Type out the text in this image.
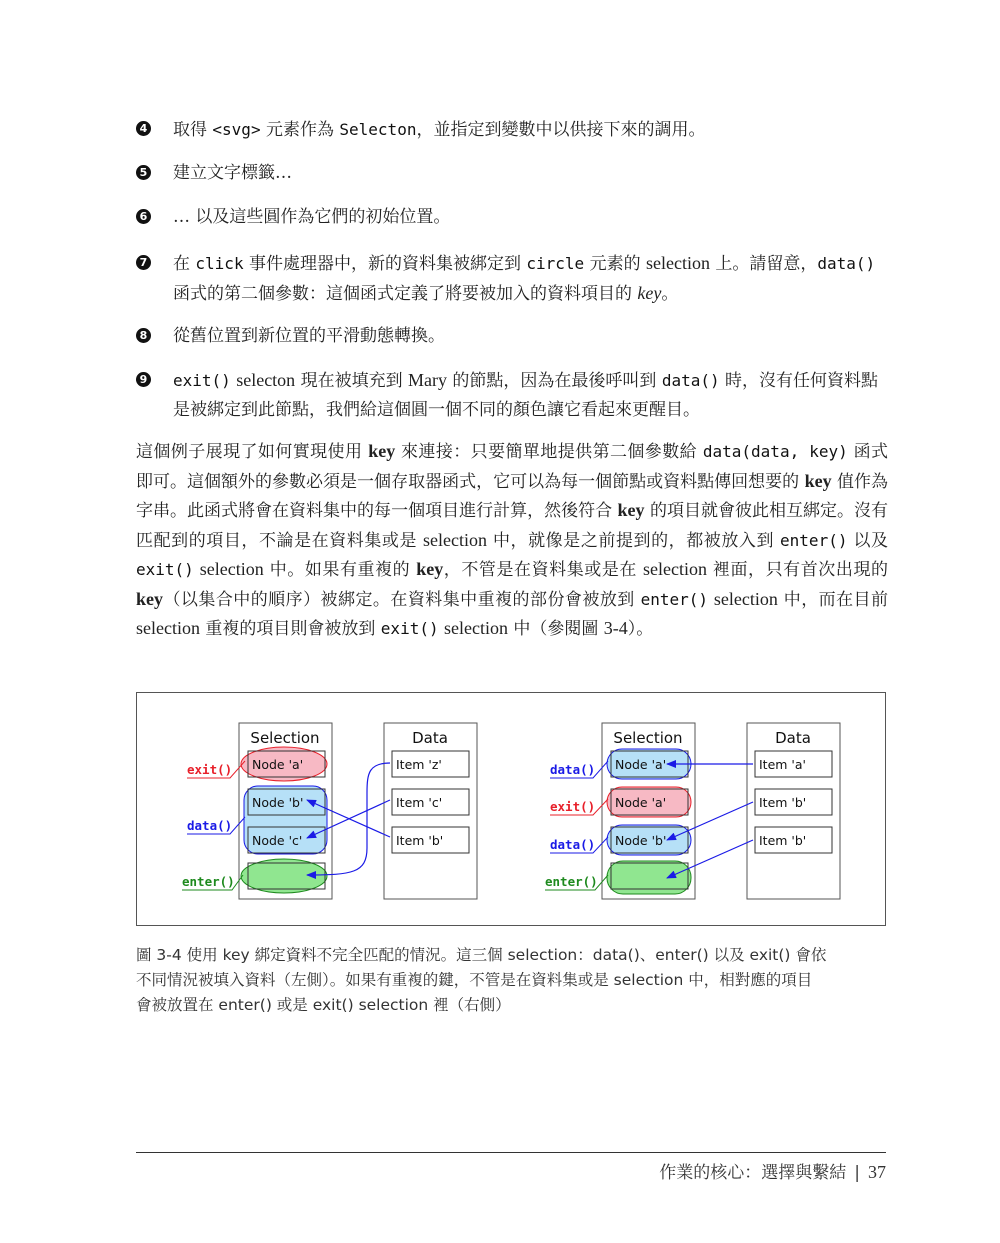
4 取得 <svg> 元素作為 Selecton，並指定到變數中以供接下來的調用。
5 建立文字標籤…
6 … 以及這些圓作為它們的初始位置。
7 在 click 事件處理器中，新的資料集被綁定到 circle 元素的 selection 上。請留意，data() 函式的第二個參數：這個函式定義了將要被加入的資料項目的 key。
8 從舊位置到新位置的平滑動態轉換。
9 exit() selecton 現在被填充到 Mary 的節點，因為在最後呼叫到 data() 時，沒有任何資料點是被綁定到此節點，我們給這個圓一個不同的顏色讓它看起來更醒目。
這個例子展現了如何實現使用 key 來連接：只要簡單地提供第二個參數給 data(data, key) 函式即可。這個額外的參數必須是一個存取器函式，它可以為每一個節點或資料點傳回想要的 key 值作為字串。此函式將會在資料集中的每一個項目進行計算，然後符合 key 的項目就會彼此相互綁定。沒有匹配到的項目，不論是在資料集或是 selection 中，就像是之前提到的，都被放入到 enter() 以及 exit() selection 中。如果有重複的 key，不管是在資料集或是在 selection 裡面，只有首次出現的 key（以集合中的順序）被綁定。在資料集中重複的部份會被放到 enter() selection 中，而在目前 selection 重複的項目則會被放到 exit() selection 中（參閱圖 3-4）。
Selection	Data
Node 'a'
Node 'b'
Node 'c'
Item 'z'
Item 'c'
Item 'b'
exit()
data()
enter()
Selection	Data
Node 'a'
Node 'a'
Node 'b'
Item 'a'
Item 'b'
Item 'b'
data()
exit()
data()
enter()
圖 3-4 使用 key 綁定資料不完全匹配的情況。這三個 selection：data()、enter() 以及 exit() 會依
不同情況被填入資料（左側）。如果有重複的鍵，不管是在資料集或是 selection 中，相對應的項目
會被放置在 enter() 或是 exit() selection 裡（右側）
作業的核心：選擇與繫結 | 37
